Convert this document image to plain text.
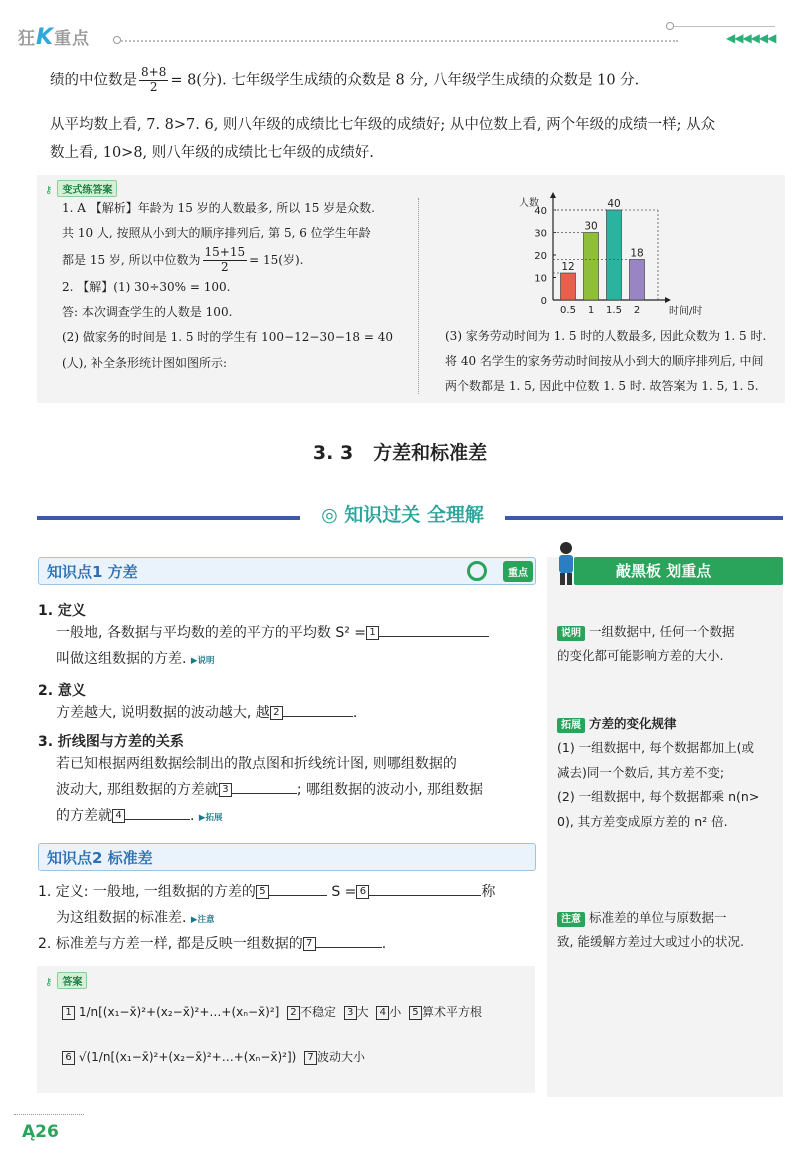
狂K重点	◀◀◀◀◀◀
绩的中位数是 $\frac{8+8}{2} = 8$(分). 七年级学生成绩的众数是 8 分, 八年级学生成绩的众数是 10 分.
从平均数上看, 7. 8>7. 6, 则八年级的成绩比七年级的成绩好; 从中位数上看, 两个年级的成绩一样; 从众
数上看, 10>8, 则八年级的成绩比七年级的成绩好.
⚷ 变式练答案
1. A 【解析】年龄为 15 岁的人数最多, 所以 15 岁是众数.
共 10 人, 按照从小到大的顺序排列后, 第 5, 6 位学生年龄
都是 15 岁, 所以中位数为 $\frac{15+15}{2} = 15$(岁).
2. 【解】(1) 30÷30% = 100.
答: 本次调查学生的人数是 100.
(2) 做家务的时间是 1. 5 时的学生有 100−12−30−18 = 40
(人), 补全条形统计图如图所示:
人数
时间/时
0
10
20
30
40
12
0.5
30
1
40
1.5
18
2
(3) 家务劳动时间为 1. 5 时的人数最多, 因此众数为 1. 5 时.
将 40 名学生的家务劳动时间按从小到大的顺序排列后, 中间
两个数都是 1. 5, 因此中位数 1. 5 时. 故答案为 1. 5, 1. 5.
3. 3 方差和标准差
◎ 知识过关 全理解
知识点1 方差	重点
1. 定义
一般地, 各数据与平均数的差的平方的平均数 S² = 1
叫做这组数据的方差. ▶说明
2. 意义
方差越大, 说明数据的波动越大, 越 2	.
3. 折线图与方差的关系
若已知根据两组数据绘制出的散点图和折线统计图, 则哪组数据的
波动大, 那组数据的方差就 3	; 哪组数据的波动小, 那组数据
的方差就 4	. ▶拓展
知识点2 标准差
1. 定义: 一般地, 一组数据的方差的 5	S = 6	称
为这组数据的标准差. ▶注意
2. 标准差与方差一样, 都是反映一组数据的 7	.
⚷ 答案
1 1/n[(x₁−x̄)²+(x₂−x̄)²+…+(xₙ−x̄)²] 2 不稳定 3 大 4 小 5 算术平方根
6 √(1/n[(x₁−x̄)²+(x₂−x̄)²+…+(xₙ−x̄)²]) 7 波动大小
敲黑板 划重点
说明 一组数据中, 任何一个数据
的变化都可能影响方差的大小.
拓展 方差的变化规律
(1) 一组数据中, 每个数据都加上(或
减去)同一个数后, 其方差不变;
(2) 一组数据中, 每个数据都乘 n(n>
0), 其方差变成原方差的 n² 倍.
注意 标准差的单位与原数据一
致, 能缓解方差过大或过小的状况.
Ą26
